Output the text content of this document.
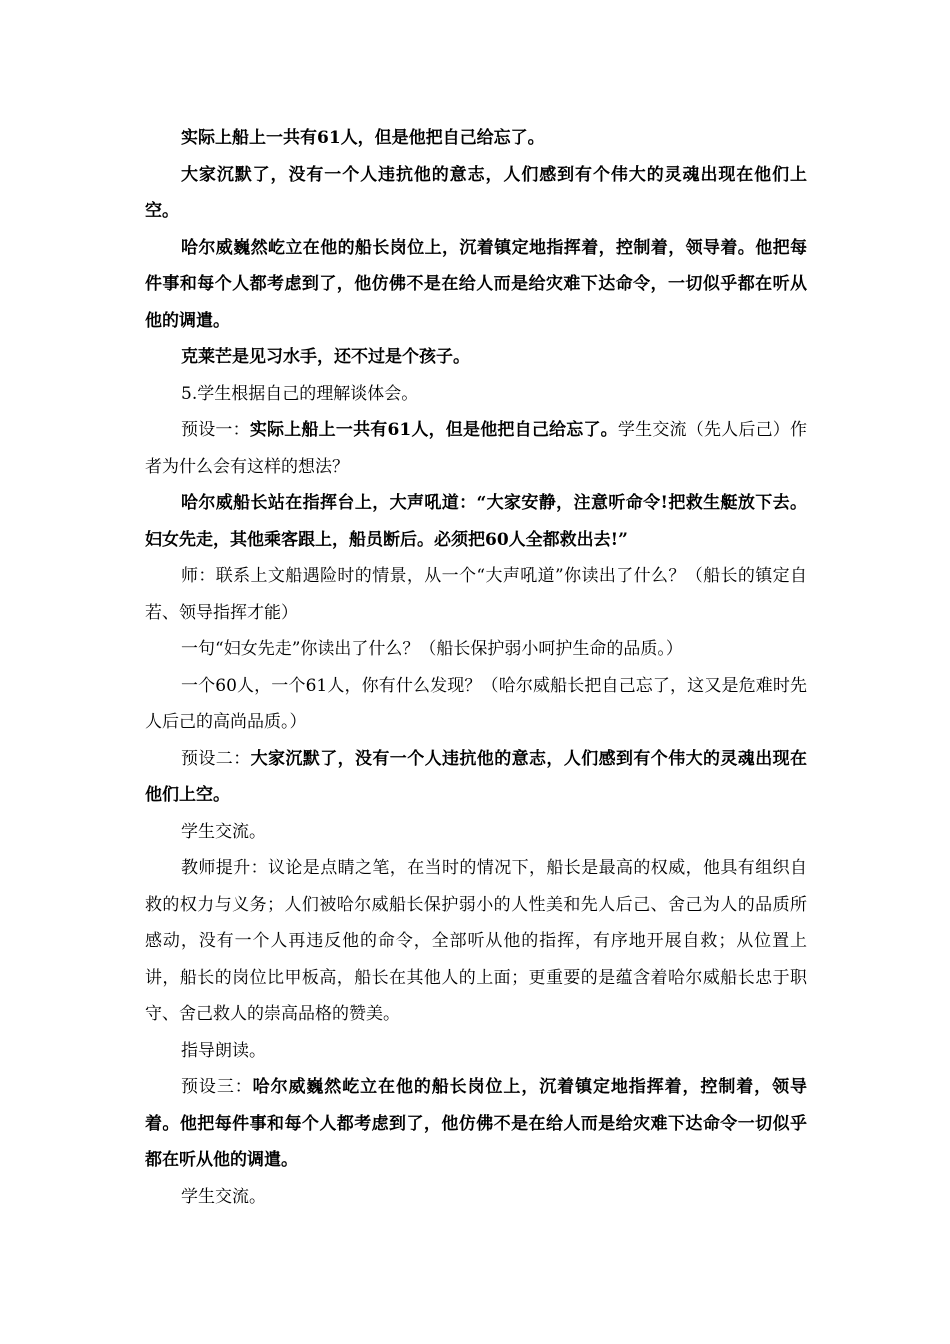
实际上船上一共有61人，但是他把自己给忘了。

大家沉默了，没有一个人违抗他的意志，人们感到有个伟大的灵魂出现在他们上空。

哈尔威巍然屹立在他的船长岗位上，沉着镇定地指挥着，控制着，领导着。他把每件事和每个人都考虑到了，他仿佛不是在给人而是给灾难下达命令，一切似乎都在听从他的调遣。

克莱芒是见习水手，还不过是个孩子。

5.学生根据自己的理解谈体会。

预设一：实际上船上一共有61人，但是他把自己给忘了。学生交流（先人后己）作者为什么会有这样的想法？

哈尔威船长站在指挥台上，大声吼道：“大家安静，注意听命令!把救生艇放下去。妇女先走，其他乘客跟上，船员断后。必须把60人全都救出去!”

师：联系上文船遇险时的情景，从一个“大声吼道”你读出了什么？（船长的镇定自若、领导指挥才能）

一句“妇女先走”你读出了什么？（船长保护弱小呵护生命的品质。）

一个60人，一个61人，你有什么发现？（哈尔威船长把自己忘了，这又是危难时先人后己的高尚品质。）

预设二：大家沉默了，没有一个人违抗他的意志，人们感到有个伟大的灵魂出现在他们上空。

学生交流。

教师提升：议论是点睛之笔，在当时的情况下，船长是最高的权威，他具有组织自救的权力与义务；人们被哈尔威船长保护弱小的人性美和先人后己、舍己为人的品质所感动，没有一个人再违反他的命令，全部听从他的指挥，有序地开展自救；从位置上讲，船长的岗位比甲板高，船长在其他人的上面；更重要的是蕴含着哈尔威船长忠于职守、舍己救人的崇高品格的赞美。

指导朗读。

预设三：哈尔威巍然屹立在他的船长岗位上，沉着镇定地指挥着，控制着，领导着。他把每件事和每个人都考虑到了，他仿佛不是在给人而是给灾难下达命令一切似乎都在听从他的调遣。

学生交流。
